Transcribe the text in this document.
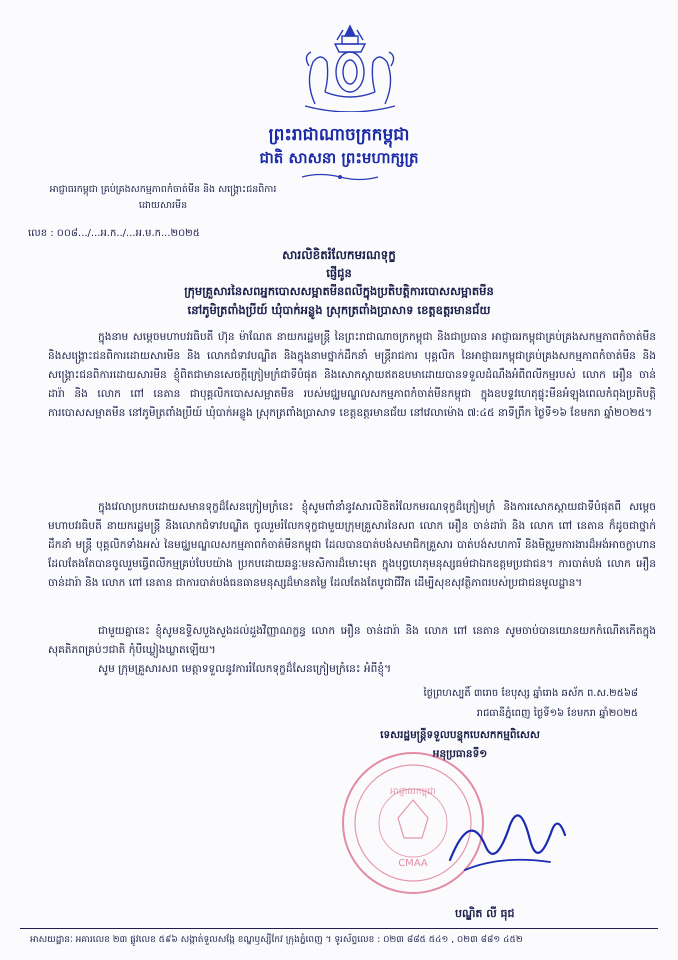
ព្រះរាជាណាចក្រកម្ពុជា
ជាតិ សាសនា ព្រះមហាក្សត្រ
អាជ្ញាធរកម្ពុជា គ្រប់គ្រងសកម្មភាពកំចាត់មីន និង សង្គ្រោះជនពិការដោយសារមីន
លេខ : ០០៨.../...អ.ក../...អ.ម.ក...២០២៥
សារលិខិតរំលែកមរណទុក្ខ
ផ្ញើជូន
ក្រុមគ្រួសារនៃសពអ្នកបោសសម្អាតមីនពលីក្នុងប្រតិបត្តិការបោសសម្អាតមីន
នៅភូមិត្រពាំងប្រីយ៍ ឃុំបាក់អន្លូង ស្រុកត្រពាំងប្រាសាទ ខេត្តឧត្តរមានជ័យ
ក្នុងនាម សម្តេចមហាបវរធិបតី ហ៊ុន ម៉ាណែត នាយករដ្ឋមន្ត្រី នៃព្រះរាជាណាចក្រកម្ពុជា និងជាប្រធាន អាជ្ញាធរកម្ពុជាគ្រប់គ្រងសកម្មភាពកំចាត់មីន និងសង្គ្រោះជនពិការដោយសារមីន និង លោកជំទាវបណ្ឌិត និងក្នុងនាមថ្នាក់ដឹកនាំ មន្ត្រីរាជការ បុគ្គលិក នៃអាជ្ញាធរកម្ពុជាគ្រប់គ្រងសកម្មភាពកំចាត់មីន និងសង្គ្រោះជនពិការដោយសារមីន ខ្ញុំពិតជាមានសេចក្តីក្រៀមក្រំជាទីបំផុត និងសោកស្តាយឥតឧបមាដោយបានទទួលដំណឹងអំពីពលីកម្មរបស់ លោក អឿន ចាន់ដារ៉ា និង លោក ពៅ នេតាន ជាបុគ្គលិកបោសសម្អាតមីន របស់មជ្ឈមណ្ឌលសកម្មភាពកំចាត់មីនកម្ពុជា ក្នុងឧបទ្ទវហេតុផ្ទុះមីនអំឡុងពេលកំពុងប្រតិបត្តិការបោសសម្អាតមីន នៅភូមិត្រពាំងប្រីយ៍ ឃុំបាក់អន្លូង ស្រុកត្រពាំងប្រាសាទ ខេត្តឧត្តរមានជ័យ នៅវេលាម៉ោង ៧:៤៥ នាទីព្រឹក ថ្ងៃទី១៦ ខែមករា ឆ្នាំ២០២៥។
ក្នុងវេលាប្រកបដោយសមានទុក្ខដ៏សែនក្រៀមក្រំនេះ ខ្ញុំសូមពាំនាំនូវសារលិខិតរំលែកមរណទុក្ខដ៏ក្រៀមក្រំ និងការសោកស្តាយជាទីបំផុតពី សម្តេចមហាបវរធិបតី នាយករដ្ឋមន្ត្រី និងលោកជំទាវបណ្ឌិត ចូលរួមរំលែកទុក្ខជាមួយក្រុមគ្រួសារនៃសព លោក អឿន ចាន់ដារ៉ា និង លោក ពៅ នេតាន ក៏ដូចជាថ្នាក់ដឹកនាំ មន្ត្រី បុគ្គលិកទាំងអស់ នៃមជ្ឈមណ្ឌលសកម្មភាពកំចាត់មីនកម្ពុជា ដែលបានបាត់បង់សមាជិកគ្រួសារ បាត់បង់សហការី និងមិត្តរួមការងារដ៏អង់អាចក្លាហាន ដែលតែងតែបានចូលរួមធ្វើពលីកម្មគ្រប់បែបយ៉ាង ប្រកបដោយឆន្ទៈមនសិការដ៏មោះមុត ក្នុងបុព្វហេតុមនុស្សធម៌ជាឯកឧត្តមប្រជាជន។ ការបាត់បង់ លោក អឿន ចាន់ដារ៉ា និង លោក ពៅ នេតាន ជាការបាត់បង់ធនធានមនុស្សដ៏មានតម្លៃ ដែលតែងតែបូជាជីវិត ដើម្បីសុខសុវត្ថិភាពរបស់ប្រជាជនមូលដ្ឋាន។
ជាមួយគ្នានេះ ខ្ញុំសូមឧទ្ទិសបួងសួងដល់ដួងវិញ្ញាណក្ខន្ធ លោក អឿន ចាន់ដារ៉ា និង លោក ពៅ នេតាន សូមចាប់បានយោនយកកំណើតកើតក្នុងសុគតិភពគ្រប់ៗជាតិ កុំបីឃ្លៀងឃ្លាតឡើយ។
សូម ក្រុមគ្រួសារសព មេត្តាទទួលនូវការរំលែកទុក្ខដ៏សែនក្រៀមក្រំនេះ អំពីខ្ញុំ។
ថ្ងៃព្រហស្បតិ៍ ៣រោច ខែបុស្ស ឆ្នាំរោង ឆស័ក ព.ស.២៥៦៨
រាជធានីភ្នំពេញ ថ្ងៃទី១៦ ខែមករា ឆ្នាំ២០២៥
ទេសរដ្ឋមន្ត្រីទទួលបន្ទុកបេសកកម្មពិសេស
អនុប្រធានទី១
CMAA
អាជ្ញាធរកម្ពុជា
បណ្ឌិត លី ធុជ
អាសយដ្ឋានៈ អគារលេខ ២៣ ផ្លូវលេខ ៥៩៦ សង្កាត់ទួលសង្កែ ខណ្ឌឫស្សីកែវ ក្រុងភ្នំពេញ ។ ទូរស័ព្ទលេខ : ០២៣ ៨៨៥ ៥៤១ , ០២៣ ៨៨១ ៤៥២
